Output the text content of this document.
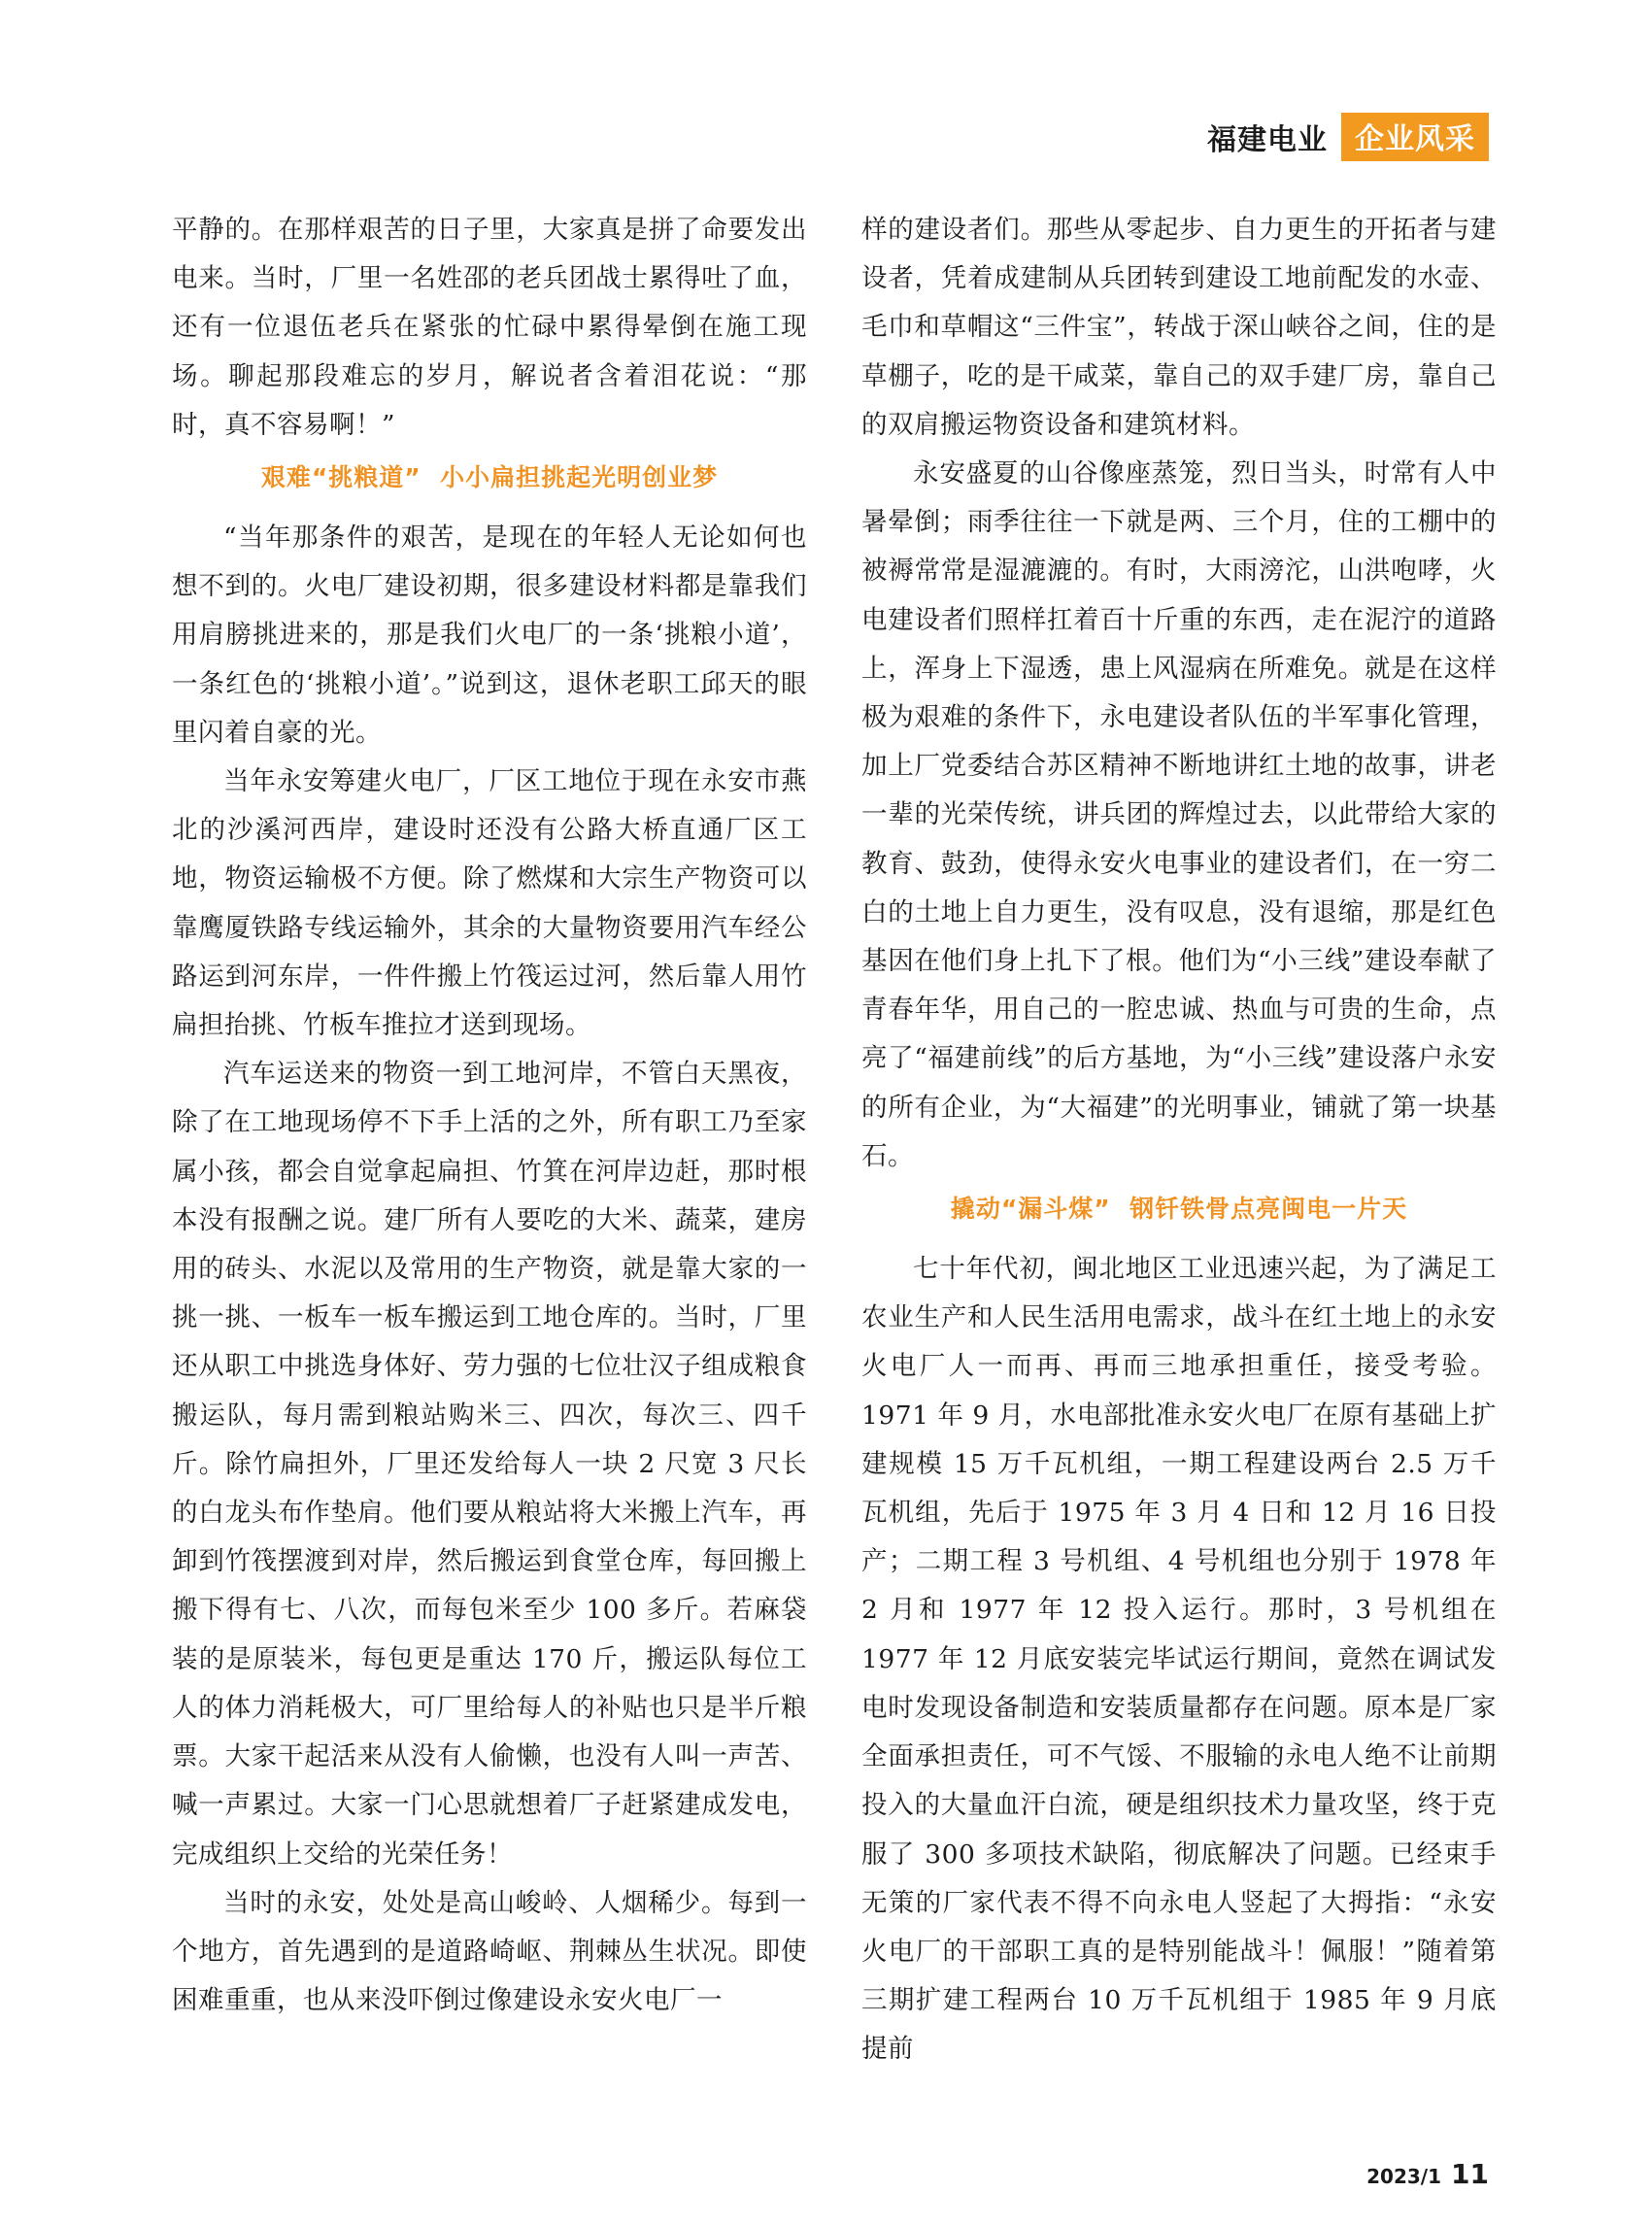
福建电业 企业风采

平静的。在那样艰苦的日子里，大家真是拼了命要发出电来。当时，厂里一名姓邵的老兵团战士累得吐了血，还有一位退伍老兵在紧张的忙碌中累得晕倒在施工现场。聊起那段难忘的岁月，解说者含着泪花说：“那时，真不容易啊！”

艰难“挑粮道”  小小扁担挑起光明创业梦

“当年那条件的艰苦，是现在的年轻人无论如何也想不到的。火电厂建设初期，很多建设材料都是靠我们用肩膀挑进来的，那是我们火电厂的一条‘挑粮小道’，一条红色的‘挑粮小道’。”说到这，退休老职工邱天的眼里闪着自豪的光。

当年永安筹建火电厂，厂区工地位于现在永安市燕北的沙溪河西岸，建设时还没有公路大桥直通厂区工地，物资运输极不方便。除了燃煤和大宗生产物资可以靠鹰厦铁路专线运输外，其余的大量物资要用汽车经公路运到河东岸，一件件搬上竹筏运过河，然后靠人用竹扁担抬挑、竹板车推拉才送到现场。

汽车运送来的物资一到工地河岸，不管白天黑夜，除了在工地现场停不下手上活的之外，所有职工乃至家属小孩，都会自觉拿起扁担、竹箕在河岸边赶，那时根本没有报酬之说。建厂所有人要吃的大米、蔬菜，建房用的砖头、水泥以及常用的生产物资，就是靠大家的一挑一挑、一板车一板车搬运到工地仓库的。当时，厂里还从职工中挑选身体好、劳力强的七位壮汉子组成粮食搬运队，每月需到粮站购米三、四次，每次三、四千斤。除竹扁担外，厂里还发给每人一块 2 尺宽 3 尺长的白龙头布作垫肩。他们要从粮站将大米搬上汽车，再卸到竹筏摆渡到对岸，然后搬运到食堂仓库，每回搬上搬下得有七、八次，而每包米至少 100 多斤。若麻袋装的是原装米，每包更是重达 170 斤，搬运队每位工人的体力消耗极大，可厂里给每人的补贴也只是半斤粮票。大家干起活来从没有人偷懒，也没有人叫一声苦、喊一声累过。大家一门心思就想着厂子赶紧建成发电，完成组织上交给的光荣任务！

当时的永安，处处是高山峻岭、人烟稀少。每到一个地方，首先遇到的是道路崎岖、荆棘丛生状况。即使困难重重，也从来没吓倒过像建设永安火电厂一

样的建设者们。那些从零起步、自力更生的开拓者与建设者，凭着成建制从兵团转到建设工地前配发的水壶、毛巾和草帽这“三件宝”，转战于深山峡谷之间，住的是草棚子，吃的是干咸菜，靠自己的双手建厂房，靠自己的双肩搬运物资设备和建筑材料。

永安盛夏的山谷像座蒸笼，烈日当头，时常有人中暑晕倒；雨季往往一下就是两、三个月，住的工棚中的被褥常常是湿漉漉的。有时，大雨滂沱，山洪咆哮，火电建设者们照样扛着百十斤重的东西，走在泥泞的道路上，浑身上下湿透，患上风湿病在所难免。就是在这样极为艰难的条件下，永电建设者队伍的半军事化管理，加上厂党委结合苏区精神不断地讲红土地的故事，讲老一辈的光荣传统，讲兵团的辉煌过去，以此带给大家的教育、鼓劲，使得永安火电事业的建设者们，在一穷二白的土地上自力更生，没有叹息，没有退缩，那是红色基因在他们身上扎下了根。他们为“小三线”建设奉献了青春年华，用自己的一腔忠诚、热血与可贵的生命，点亮了“福建前线”的后方基地，为“小三线”建设落户永安的所有企业，为“大福建”的光明事业，铺就了第一块基石。

撬动“漏斗煤”  钢钎铁骨点亮闽电一片天

七十年代初，闽北地区工业迅速兴起，为了满足工农业生产和人民生活用电需求，战斗在红土地上的永安火电厂人一而再、再而三地承担重任，接受考验。1971 年 9 月，水电部批准永安火电厂在原有基础上扩建规模 15 万千瓦机组，一期工程建设两台 2.5 万千瓦机组，先后于 1975 年 3 月 4 日和 12 月 16 日投产；二期工程 3 号机组、4 号机组也分别于 1978 年 2 月和 1977 年 12 投入运行。那时，3 号机组在 1977 年 12 月底安装完毕试运行期间，竟然在调试发电时发现设备制造和安装质量都存在问题。原本是厂家全面承担责任，可不气馁、不服输的永电人绝不让前期投入的大量血汗白流，硬是组织技术力量攻坚，终于克服了 300 多项技术缺陷，彻底解决了问题。已经束手无策的厂家代表不得不向永电人竖起了大拇指：“永安火电厂的干部职工真的是特别能战斗！佩服！”随着第三期扩建工程两台 10 万千瓦机组于 1985 年 9 月底提前

2023/1 11
